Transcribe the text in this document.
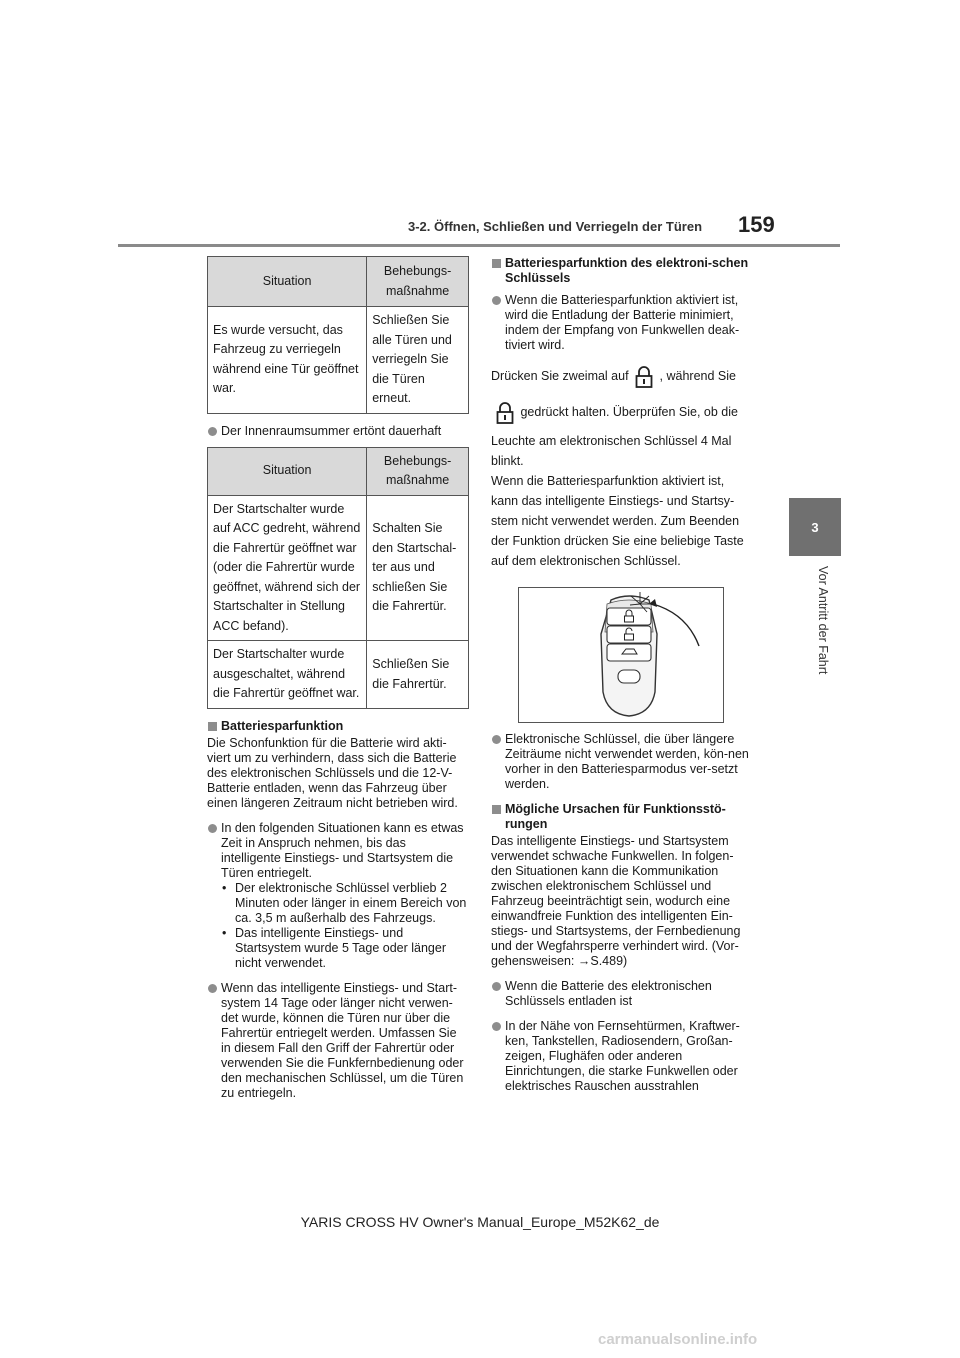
3-2. Öffnen, Schließen und Verriegeln der Türen 159
3
Vor Antritt der Fahrt
Situation	Behebungs-
maßnahme
Es wurde versucht, das Fahrzeug zu verriegeln während eine Tür geöffnet war.	Schließen Sie alle Türen und verriegeln Sie die Türen erneut.
Der Innenraumsummer ertönt dauerhaft
Situation	Behebungs-
maßnahme
Der Startschalter wurde auf ACC gedreht, während die Fahrertür geöffnet war (oder die Fahrertür wurde geöffnet, während sich der Startschalter in Stellung ACC befand).	Schalten Sie den Startschal-ter aus und schließen Sie die Fahrertür.
Der Startschalter wurde ausgeschaltet, während die Fahrertür geöffnet war.	Schließen Sie die Fahrertür.
Batteriesparfunktion
Die Schonfunktion für die Batterie wird akti-viert um zu verhindern, dass sich die Batterie des elektronischen Schlüssels und die 12-V-Batterie entladen, wenn das Fahrzeug über einen längeren Zeitraum nicht betrieben wird.
In den folgenden Situationen kann es etwas Zeit in Anspruch nehmen, bis das intelligente Einstiegs- und Startsystem die Türen entriegelt.
• Der elektronische Schlüssel verblieb 2 Minuten oder länger in einem Bereich von ca. 3,5 m außerhalb des Fahrzeugs.
• Das intelligente Einstiegs- und Startsystem wurde 5 Tage oder länger nicht verwendet.
Wenn das intelligente Einstiegs- und Start-system 14 Tage oder länger nicht verwen-det wurde, können die Türen nur über die Fahrertür entriegelt werden. Umfassen Sie in diesem Fall den Griff der Fahrertür oder verwenden Sie die Funkfernbedienung oder den mechanischen Schlüssel, um die Türen zu entriegeln.
Batteriesparfunktion des elektroni-schen Schlüssels
Wenn die Batteriesparfunktion aktiviert ist, wird die Entladung der Batterie minimiert, indem der Empfang von Funkwellen deak-tiviert wird.
Drücken Sie zweimal auf , während Sie
gedrückt halten. Überprüfen Sie, ob die
Leuchte am elektronischen Schlüssel 4 Mal blinkt.
Wenn die Batteriesparfunktion aktiviert ist, kann das intelligente Einstiegs- und Startsy-stem nicht verwendet werden. Zum Beenden der Funktion drücken Sie eine beliebige Taste auf dem elektronischen Schlüssel.
Elektronische Schlüssel, die über längere Zeiträume nicht verwendet werden, kön-nen vorher in den Batteriesparmodus ver-setzt werden.
Mögliche Ursachen für Funktionsstö-rungen
Das intelligente Einstiegs- und Startsystem verwendet schwache Funkwellen. In folgen-den Situationen kann die Kommunikation zwischen elektronischem Schlüssel und Fahrzeug beeinträchtigt sein, wodurch eine einwandfreie Funktion des intelligenten Ein-stiegs- und Startsystems, der Fernbedienung und der Wegfahrsperre verhindert wird. (Vor-gehensweisen: →S.489)
Wenn die Batterie des elektronischen Schlüssels entladen ist
In der Nähe von Fernsehtürmen, Kraftwer-ken, Tankstellen, Radiosendern, Großan-zeigen, Flughäfen oder anderen Einrichtungen, die starke Funkwellen oder elektrisches Rauschen ausstrahlen
YARIS CROSS HV Owner's Manual_Europe_M52K62_de
carmanualsonline.info
